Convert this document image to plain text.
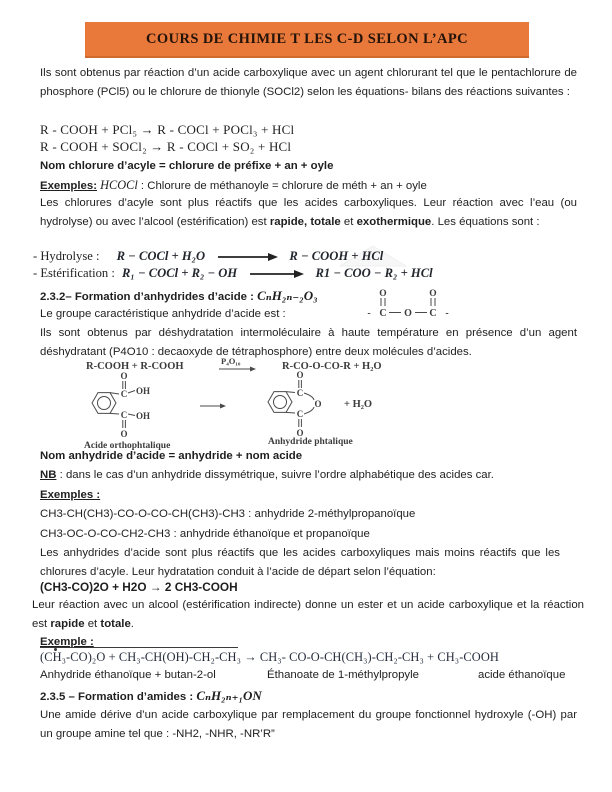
COURS DE CHIMIE T LES C-D SELON L’APC
Ils sont obtenus par réaction d’un acide carboxylique avec un agent chlorurant tel que le pentachlorure de phosphore (PCl5) ou le chlorure de thionyle (SOCl2) selon les équations- bilans des réactions suivantes :
R - COOH + PCl₅ → R - COCl + POCl₃ + HCl
R - COOH + SOCl₂ → R - COCl + SO₂ + HCl
Nom chlorure d’acyle = chlorure de préfixe + an + oyle
Exemples: HCOCl : Chlorure de méthanoyle = chlorure de méth + an + oyle
Les chlorures d’acyle sont plus réactifs que les acides carboxyliques. Leur réaction avec l’eau (ou hydrolyse) ou avec l’alcool (estérification) est rapide, totale et exothermique. Les équations sont :
- Hydrolyse : R − COCl + H₂O	R − COOH + HCl
- Estérification : R₁ − COCl + R₂ − OH	R1 − COO − R₂ + HCl
2.3.2– Formation d’anhydrides d’acide : CₙH₂ₙ₋₂O₃	O	O
- C O C -
Le groupe caractéristique anhydride d’acide est :
Ils sont obtenus par déshydratation intermoléculaire à haute température en présence d’un agent déshydratant (P4O10 : decaoxyde de tétraphosphore) entre deux molécules d’acides.
R-COOH + R-COOH	P₄O₁₀	R-CO-O-CO-R + H₂O
C
O
OH
C
O
OH
Acide orthophtalique
C
O
C
O
O + H₂O
Anhydride phtalique
Nom anhydride d’acide = anhydride + nom acide
NB : dans le cas d’un anhydride dissymétrique, suivre l’ordre alphabétique des acides car.
Exemples :
CH3-CH(CH3)-CO-O-CO-CH(CH3)-CH3 : anhydride 2-méthylpropanoïque
CH3-OC-O-CO-CH2-CH3 : anhydride éthanoïque et propanoïque
Les anhydrides d’acide sont plus réactifs que les acides carboxyliques mais moins réactifs que les chlorures d’acyle. Leur hydratation conduit à l’acide de départ selon l’équation:
(CH3-CO)2O + H2O → 2 CH3-COOH
Leur réaction avec un alcool (estérification indirecte) donne un ester et un acide carboxylique et la réaction est rapide et totale.
Exemple :
(CH₃-CO)₂O + CH₃-CH(OH)-CH₂-CH₃ → CH₃- CO-O-CH(CH₃)-CH₂-CH₃ + CH₃-COOH
Anhydride éthanoïque + butan-2-ol	Éthanoate de 1-méthylpropyle	acide éthanoïque
2.3.5 – Formation d’amides : CₙH₂ₙ₊₁ON
Une amide dérive d’un acide carboxylique par remplacement du groupe fonctionnel hydroxyle (-OH) par un groupe amine tel que : -NH2, -NHR, -NR’R”
